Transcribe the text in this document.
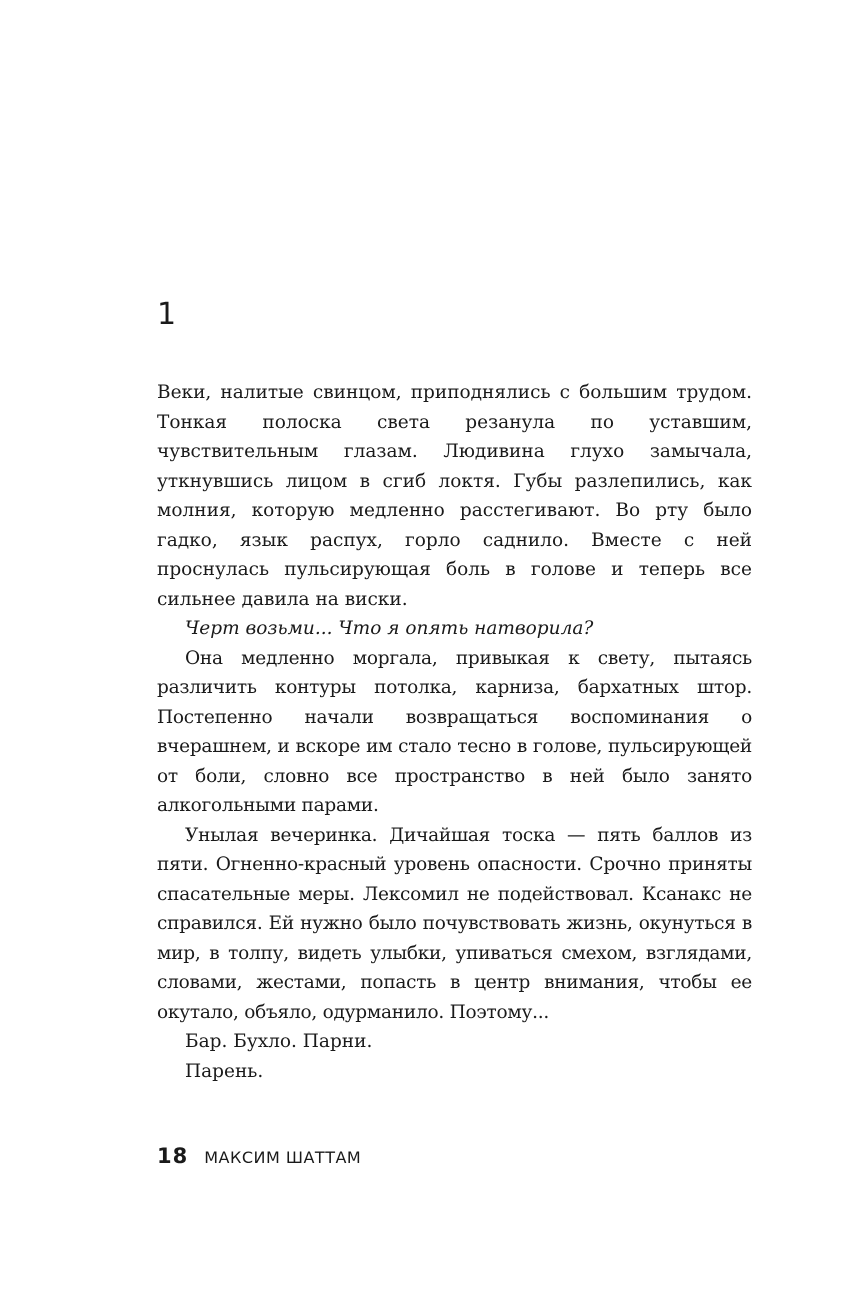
1

Веки, налитые свинцом, приподнялись с большим трудом. Тонкая полоска света резанула по уставшим, чувствительным глазам. Людивина глухо замычала, уткнувшись лицом в сгиб локтя. Губы разлепились, как молния, которую медленно расстегивают. Во рту было гадко, язык распух, горло саднило. Вместе с ней проснулась пульсирующая боль в голове и теперь все сильнее давила на виски.

Черт возьми... Что я опять натворила?

Она медленно моргала, привыкая к свету, пытаясь различить контуры потолка, карниза, бархатных штор. Постепенно начали возвращаться воспоминания о вчерашнем, и вскоре им стало тесно в голове, пульсирующей от боли, словно все пространство в ней было занято алкогольными парами.

Унылая вечеринка. Дичайшая тоска — пять баллов из пяти. Огненно-красный уровень опасности. Срочно приняты спасательные меры. Лексомил не подействовал. Ксанакс не справился. Ей нужно было почувствовать жизнь, окунуться в мир, в толпу, видеть улыбки, упиваться смехом, взглядами, словами, жестами, попасть в центр внимания, чтобы ее окутало, объяло, одурманило. Поэтому...

Бар. Бухло. Парни.

Парень.

18 МАКСИМ ШАТТАМ
